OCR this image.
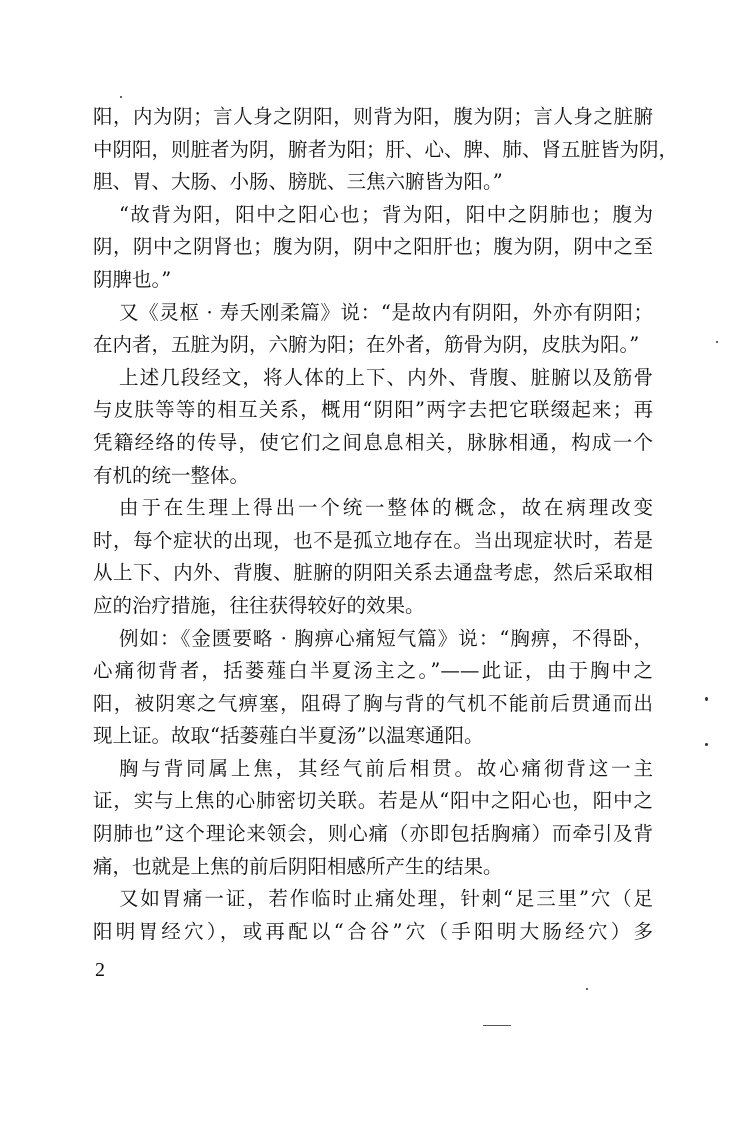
阳，内为阴；言人身之阴阳，则背为阳，腹为阴；言人身之脏腑
中阴阳，则脏者为阴，腑者为阳；肝、心、脾、肺、肾五脏皆为阴，
胆、胃、大肠、小肠、膀胱、三焦六腑皆为阳。”
“故背为阳，阳中之阳心也；背为阳，阳中之阴肺也；腹为
阴，阴中之阴肾也；腹为阴，阴中之阳肝也；腹为阴，阴中之至
阴脾也。”
又《灵枢 · 寿夭刚柔篇》说：“是故内有阴阳，外亦有阴阳；
在内者，五脏为阴，六腑为阳；在外者，筋骨为阴，皮肤为阳。”
上述几段经文，将人体的上下、内外、背腹、脏腑以及筋骨
与皮肤等等的相互关系，概用“阴阳”两字去把它联缀起来；再
凭籍经络的传导，使它们之间息息相关，脉脉相通，构成一个
有机的统一整体。
由于在生理上得出一个统一整体的概念，故在病理改变
时，每个症状的出现，也不是孤立地存在。当出现症状时，若是
从上下、内外、背腹、脏腑的阴阳关系去通盘考虑，然后采取相
应的治疗措施，往往获得较好的效果。
例如：《金匮要略 · 胸痹心痛短气篇》说：“胸痹，不得卧，
心痛彻背者，括蒌薤白半夏汤主之。”——此证，由于胸中之
阳，被阴寒之气痹塞，阻碍了胸与背的气机不能前后贯通而出
现上证。故取“括蒌薤白半夏汤”以温寒通阳。
胸与背同属上焦，其经气前后相贯。故心痛彻背这一主
证，实与上焦的心肺密切关联。若是从“阳中之阳心也，阳中之
阴肺也”这个理论来领会，则心痛（亦即包括胸痛）而牵引及背
痛，也就是上焦的前后阴阳相感所产生的结果。
又如胃痛一证，若作临时止痛处理，针刺“足三里”穴（足
阳明胃经穴），或再配以“合谷”穴（手阳明大肠经穴）多
2
